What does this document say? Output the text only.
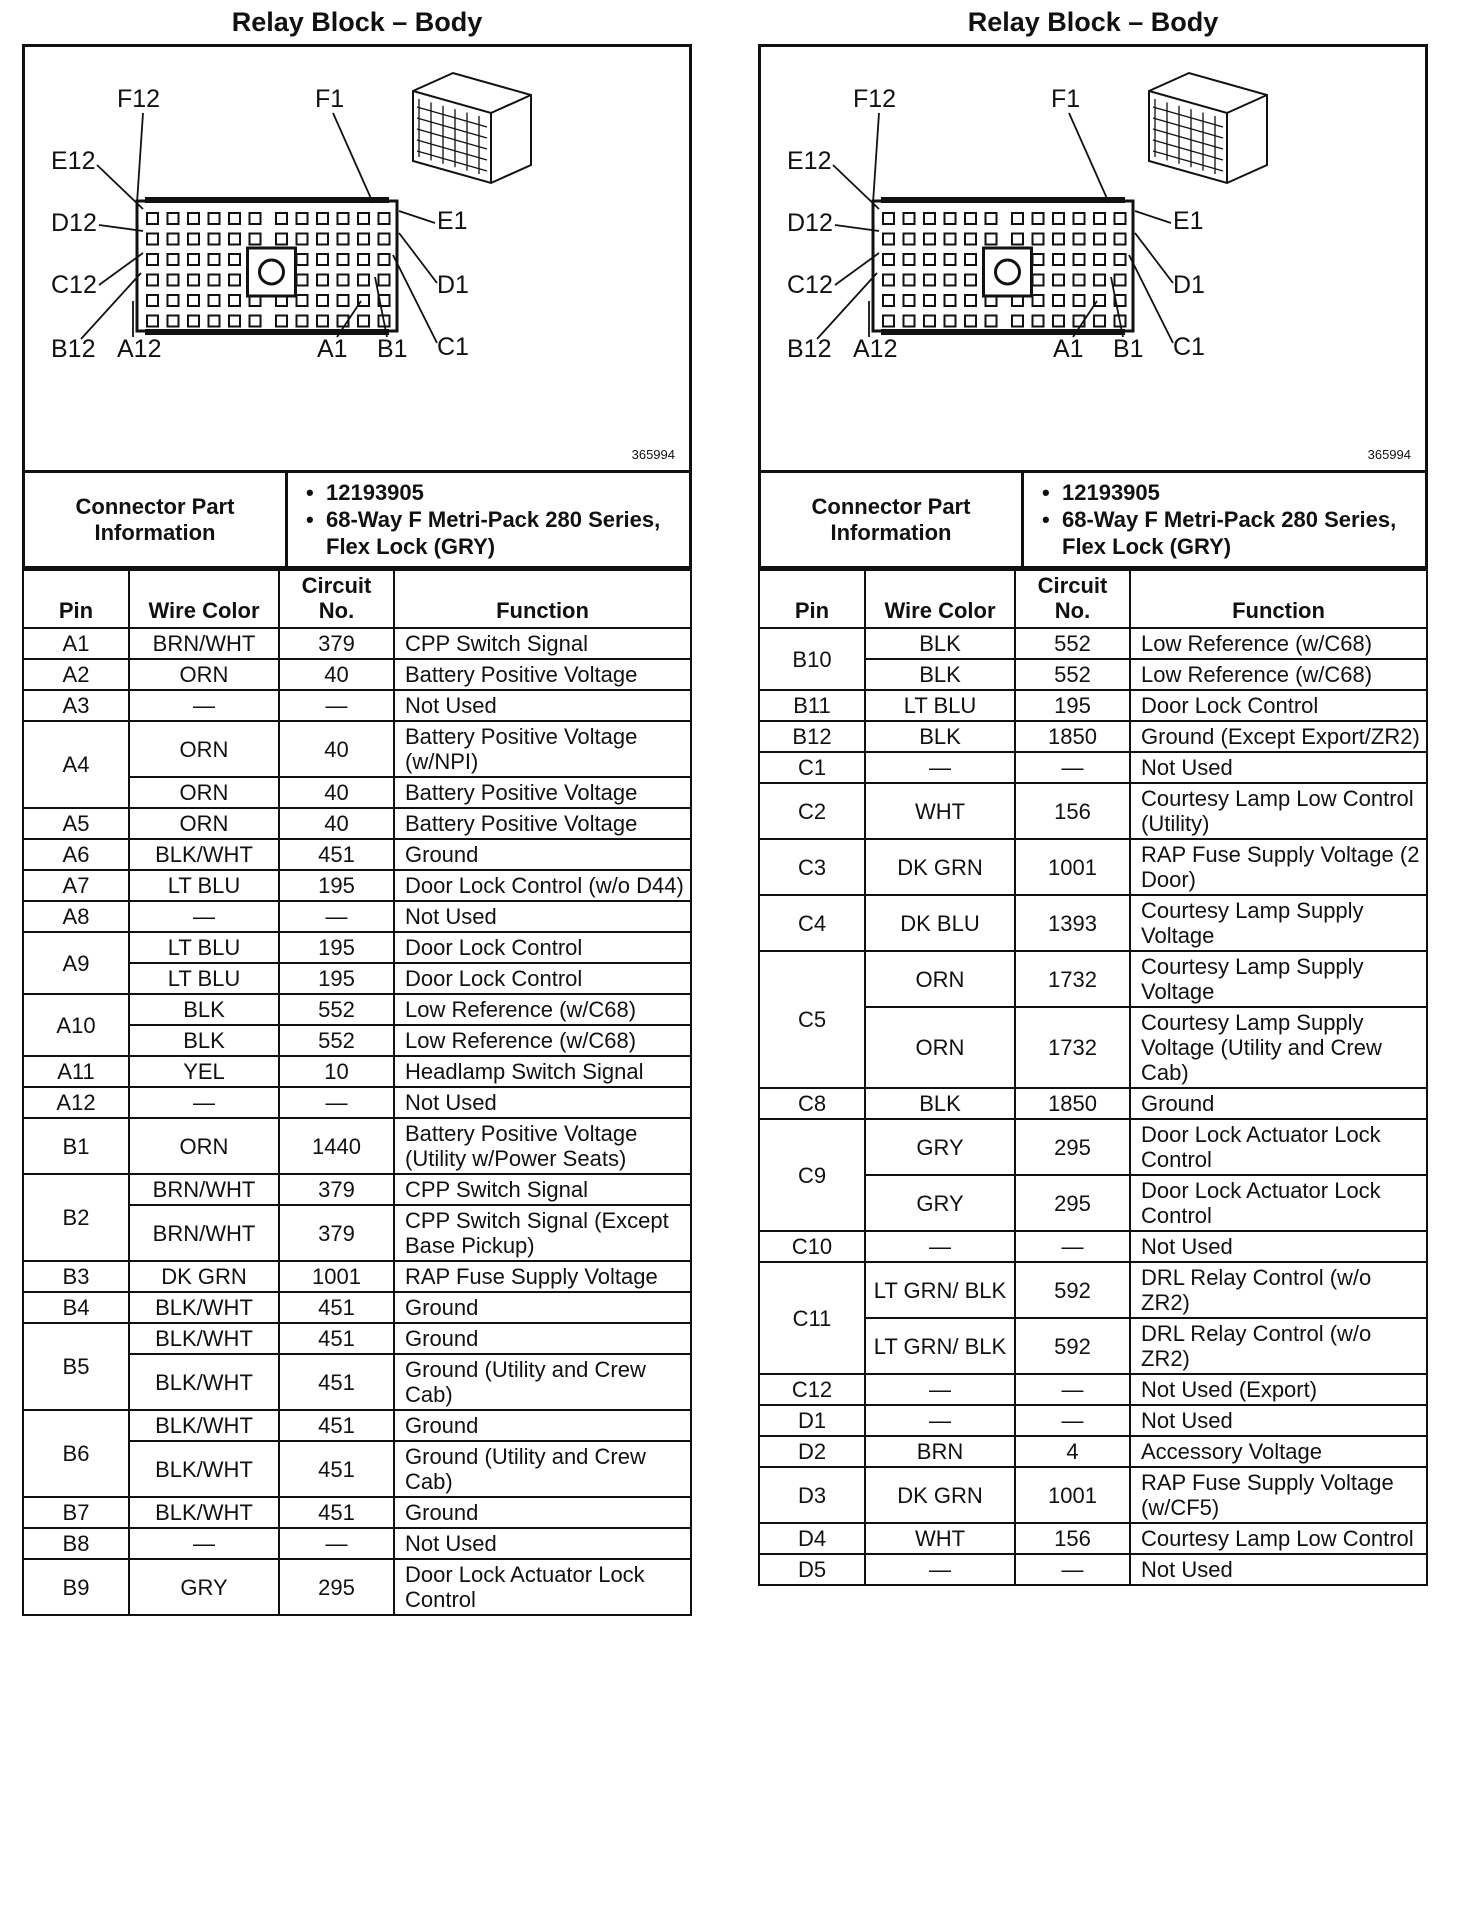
Relay Block – Body
F12	F1
E12
E1
D12
D1
C12
C1
B12	B1
A12	A1
365994
Connector Part Information	
• 12193905
• 68-Way F Metri-Pack 280 Series, Flex Lock (GRY)
Pin	Wire Color	Circuit No.	Function
A1	BRN/WHT	379	CPP Switch Signal
A2	ORN	40	Battery Positive Voltage
A3	—	—	Not Used
A4	ORN	40	Battery Positive Voltage (w/NPI)
	ORN	40	Battery Positive Voltage
A5	ORN	40	Battery Positive Voltage
A6	BLK/WHT	451	Ground
A7	LT BLU	195	Door Lock Control (w/o D44)
A8	—	—	Not Used
A9	LT BLU	195	Door Lock Control
	LT BLU	195	Door Lock Control
A10	BLK	552	Low Reference (w/C68)
	BLK	552	Low Reference (w/C68)
A11	YEL	10	Headlamp Switch Signal
A12	—	—	Not Used
B1	ORN	1440	Battery Positive Voltage (Utility w/Power Seats)
B2	BRN/WHT	379	CPP Switch Signal
	BRN/WHT	379	CPP Switch Signal (Except Base Pickup)
B3	DK GRN	1001	RAP Fuse Supply Voltage
B4	BLK/WHT	451	Ground
B5	BLK/WHT	451	Ground
	BLK/WHT	451	Ground (Utility and Crew Cab)
B6	BLK/WHT	451	Ground
	BLK/WHT	451	Ground (Utility and Crew Cab)
B7	BLK/WHT	451	Ground
B8	—	—	Not Used
B9	GRY	295	Door Lock Actuator Lock Control
Relay Block – Body
F12	F1
E12
E1
D12
D1
C12
C1
B12	B1
A12	A1
365994
Connector Part Information	
• 12193905
• 68-Way F Metri-Pack 280 Series, Flex Lock (GRY)
Pin	Wire Color	Circuit No.	Function
B10	BLK	552	Low Reference (w/C68)
	BLK	552	Low Reference (w/C68)
B11	LT BLU	195	Door Lock Control
B12	BLK	1850	Ground (Except Export/ZR2)
C1	—	—	Not Used
C2	WHT	156	Courtesy Lamp Low Control (Utility)
C3	DK GRN	1001	RAP Fuse Supply Voltage (2 Door)
C4	DK BLU	1393	Courtesy Lamp Supply Voltage
C5	ORN	1732	Courtesy Lamp Supply Voltage
	ORN	1732	Courtesy Lamp Supply Voltage (Utility and Crew Cab)
C8	BLK	1850	Ground
C9	GRY	295	Door Lock Actuator Lock Control
	GRY	295	Door Lock Actuator Lock Control
C10	—	—	Not Used
C11	LT GRN/ BLK	592	DRL Relay Control (w/o ZR2)
	LT GRN/ BLK	592	DRL Relay Control (w/o ZR2)
C12	—	—	Not Used (Export)
D1	—	—	Not Used
D2	BRN	4	Accessory Voltage
D3	DK GRN	1001	RAP Fuse Supply Voltage (w/CF5)
D4	WHT	156	Courtesy Lamp Low Control
D5	—	—	Not Used
